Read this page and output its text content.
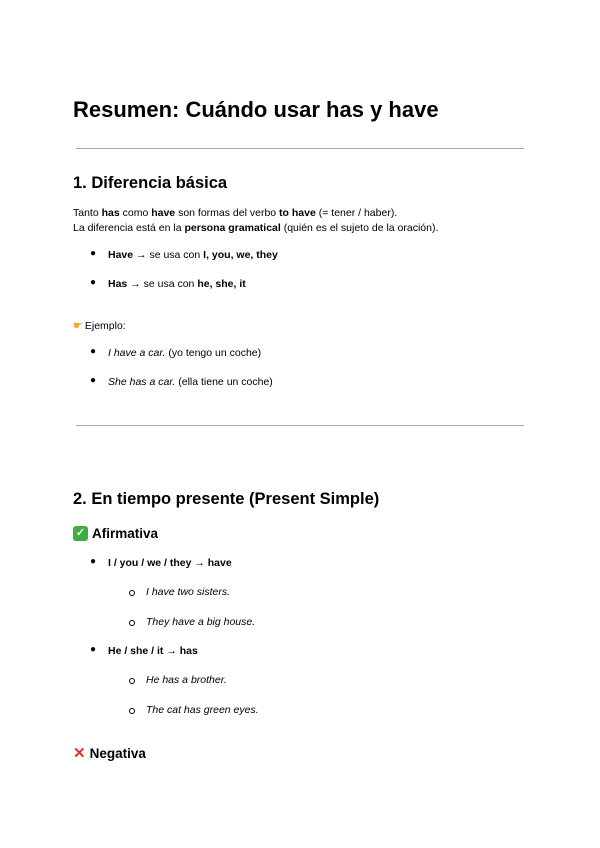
Resumen: Cuándo usar has y have
1. Diferencia básica
Tanto has como have son formas del verbo to have (= tener / haber).
La diferencia está en la persona gramatical (quién es el sujeto de la oración).
● Have → se usa con I, you, we, they
● Has → se usa con he, she, it
☛ Ejemplo:
● I have a car. (yo tengo un coche)
● She has a car. (ella tiene un coche)
2. En tiempo presente (Present Simple)
✓ Afirmativa
● I / you / we / they → have
I have two sisters.
They have a big house.
● He / she / it → has
He has a brother.
The cat has green eyes.
✕ Negativa
